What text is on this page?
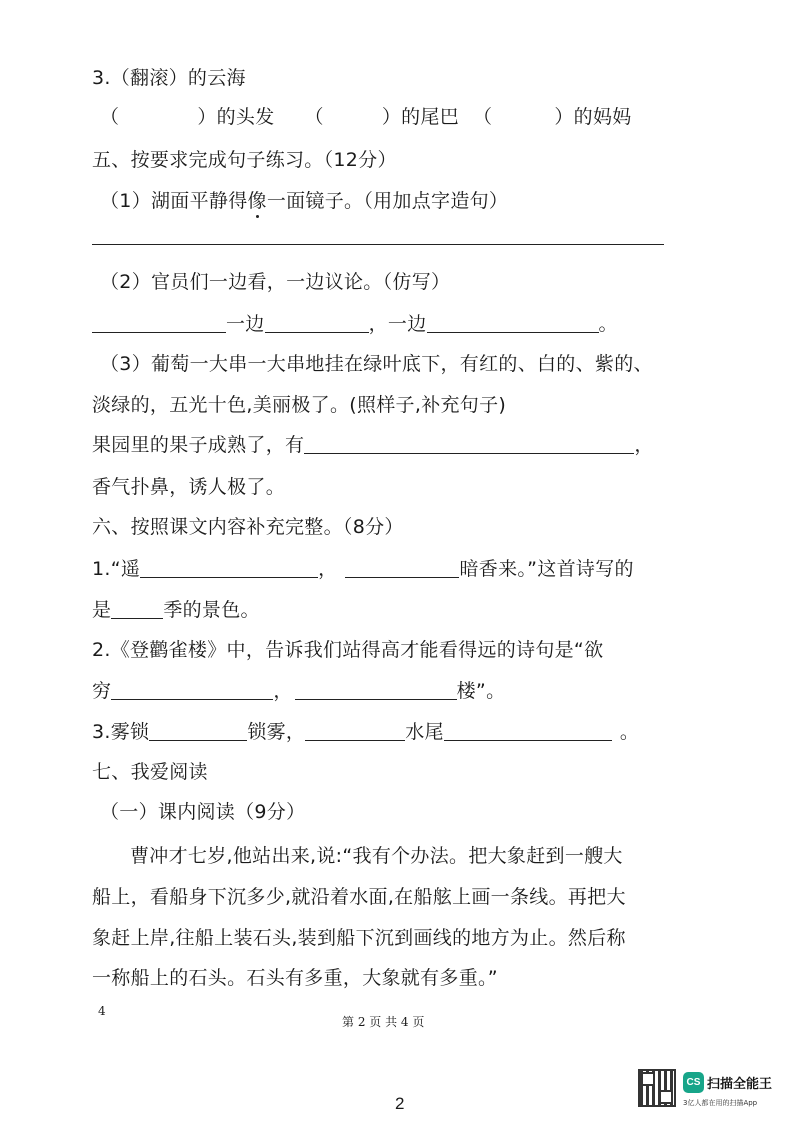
3.（翻滚）的云海
（	）的头发 （	）的尾巴 （	）的妈妈
五、按要求完成句子练习。（12分）
（1）湖面平静得像一面镜子。（用加点字造句）
（2）官员们一边看，一边议论。（仿写）
一边	，一边	。
（3）葡萄一大串一大串地挂在绿叶底下，有红的、白的、紫的、
淡绿的，五光十色,美丽极了。(照样子,补充句子)
果园里的果子成熟了，有	，
香气扑鼻，诱人极了。
六、按照课文内容补充完整。（8分）
1.“遥	，	暗香来。”这首诗写的
是	季的景色。
2.《登鹳雀楼》中，告诉我们站得高才能看得远的诗句是“欲
穷	，	楼”。
3.雾锁	锁雾，	水尾	。
七、我爱阅读
（一）课内阅读（9分）
曹冲才七岁,他站出来,说:“我有个办法。把大象赶到一艘大
船上，看船身下沉多少,就沿着水面,在船舷上画一条线。再把大
象赶上岸,往船上装石头,装到船下沉到画线的地方为止。然后称
一称船上的石头。石头有多重，大象就有多重。”
4
第 2 页 共 4 页
2
CS 扫描全能王
3亿人都在用的扫描App
